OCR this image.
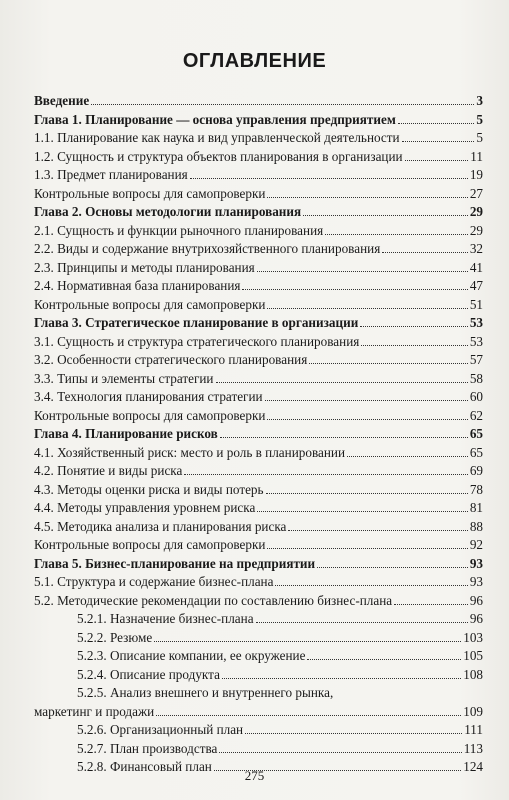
ОГЛАВЛЕНИЕ
Введение	3
Глава 1. Планирование — основа управления предприятием	5
1.1. Планирование как наука и вид управленческой деятельности	5
1.2. Сущность и структура объектов планирования в организации	11
1.3. Предмет планирования	19
Контрольные вопросы для самопроверки	27
Глава 2. Основы методологии планирования	29
2.1. Сущность и функции рыночного планирования	29
2.2. Виды и содержание внутрихозяйственного планирования	32
2.3. Принципы и методы планирования	41
2.4. Нормативная база планирования	47
Контрольные вопросы для самопроверки	51
Глава 3. Стратегическое планирование в организации	53
3.1. Сущность и структура стратегического планирования	53
3.2. Особенности стратегического планирования	57
3.3. Типы и элементы стратегии	58
3.4. Технология планирования стратегии	60
Контрольные вопросы для самопроверки	62
Глава 4. Планирование рисков	65
4.1. Хозяйственный риск: место и роль в планировании	65
4.2. Понятие и виды риска	69
4.3. Методы оценки риска и виды потерь	78
4.4. Методы управления уровнем риска	81
4.5. Методика анализа и планирования риска	88
Контрольные вопросы для самопроверки	92
Глава 5. Бизнес-планирование на предприятии	93
5.1. Структура и содержание бизнес-плана	93
5.2. Методические рекомендации по составлению бизнес-плана	96
5.2.1. Назначение бизнес-плана	96
5.2.2. Резюме	103
5.2.3. Описание компании, ее окружение	105
5.2.4. Описание продукта	108
5.2.5. Анализ внешнего и внутреннего рынка,
маркетинг и продажи	109
5.2.6. Организационный план	111
5.2.7. План производства	113
5.2.8. Финансовый план	124
275
